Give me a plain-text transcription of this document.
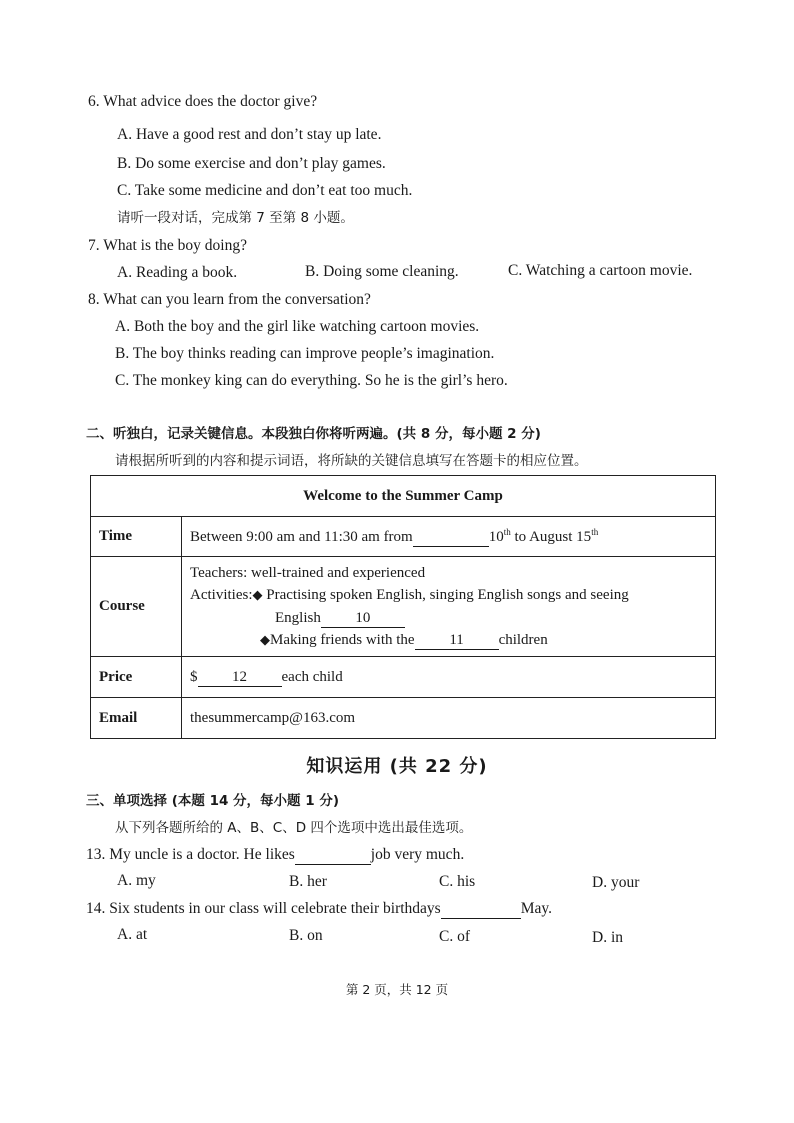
6. What advice does the doctor give?
A. Have a good rest and don’t stay up late.
B. Do some exercise and don’t play games.
C. Take some medicine and don’t eat too much.
请听一段对话，完成第 7 至第 8 小题。
7. What is the boy doing?
A. Reading a book.	B. Doing some cleaning.	C. Watching a cartoon movie.
8. What can you learn from the conversation?
A. Both the boy and the girl like watching cartoon movies.
B. The boy thinks reading can improve people’s imagination.
C. The monkey king can do everything. So he is the girl’s hero.
二、听独白，记录关键信息。本段独白你将听两遍。(共 8 分，每小题 2 分)
请根据所听到的内容和提示词语，将所缺的关键信息填写在答题卡的相应位置。
Welcome to the Summer Camp	
Time	Between 9:00 am and 11:30 am from 10th to August 15th
Course	Teachers: well-trained and experienced
Activities:◆ Practising spoken English, singing English songs and seeing
English 10
◆Making friends with the 11 children

Price	$ 12 each child
Email	thesummercamp@163.com
知识运用 (共 22 分)
三、单项选择 (本题 14 分，每小题 1 分)
从下列各题所给的 A、B、C、D 四个选项中选出最佳选项。
13. My uncle is a doctor. He likes	job very much.
A. my	B. her	C. his	D. your
14. Six students in our class will celebrate their birthdays	May.
A. at	B. on	C. of	D. in
第 2 页，共 12 页
